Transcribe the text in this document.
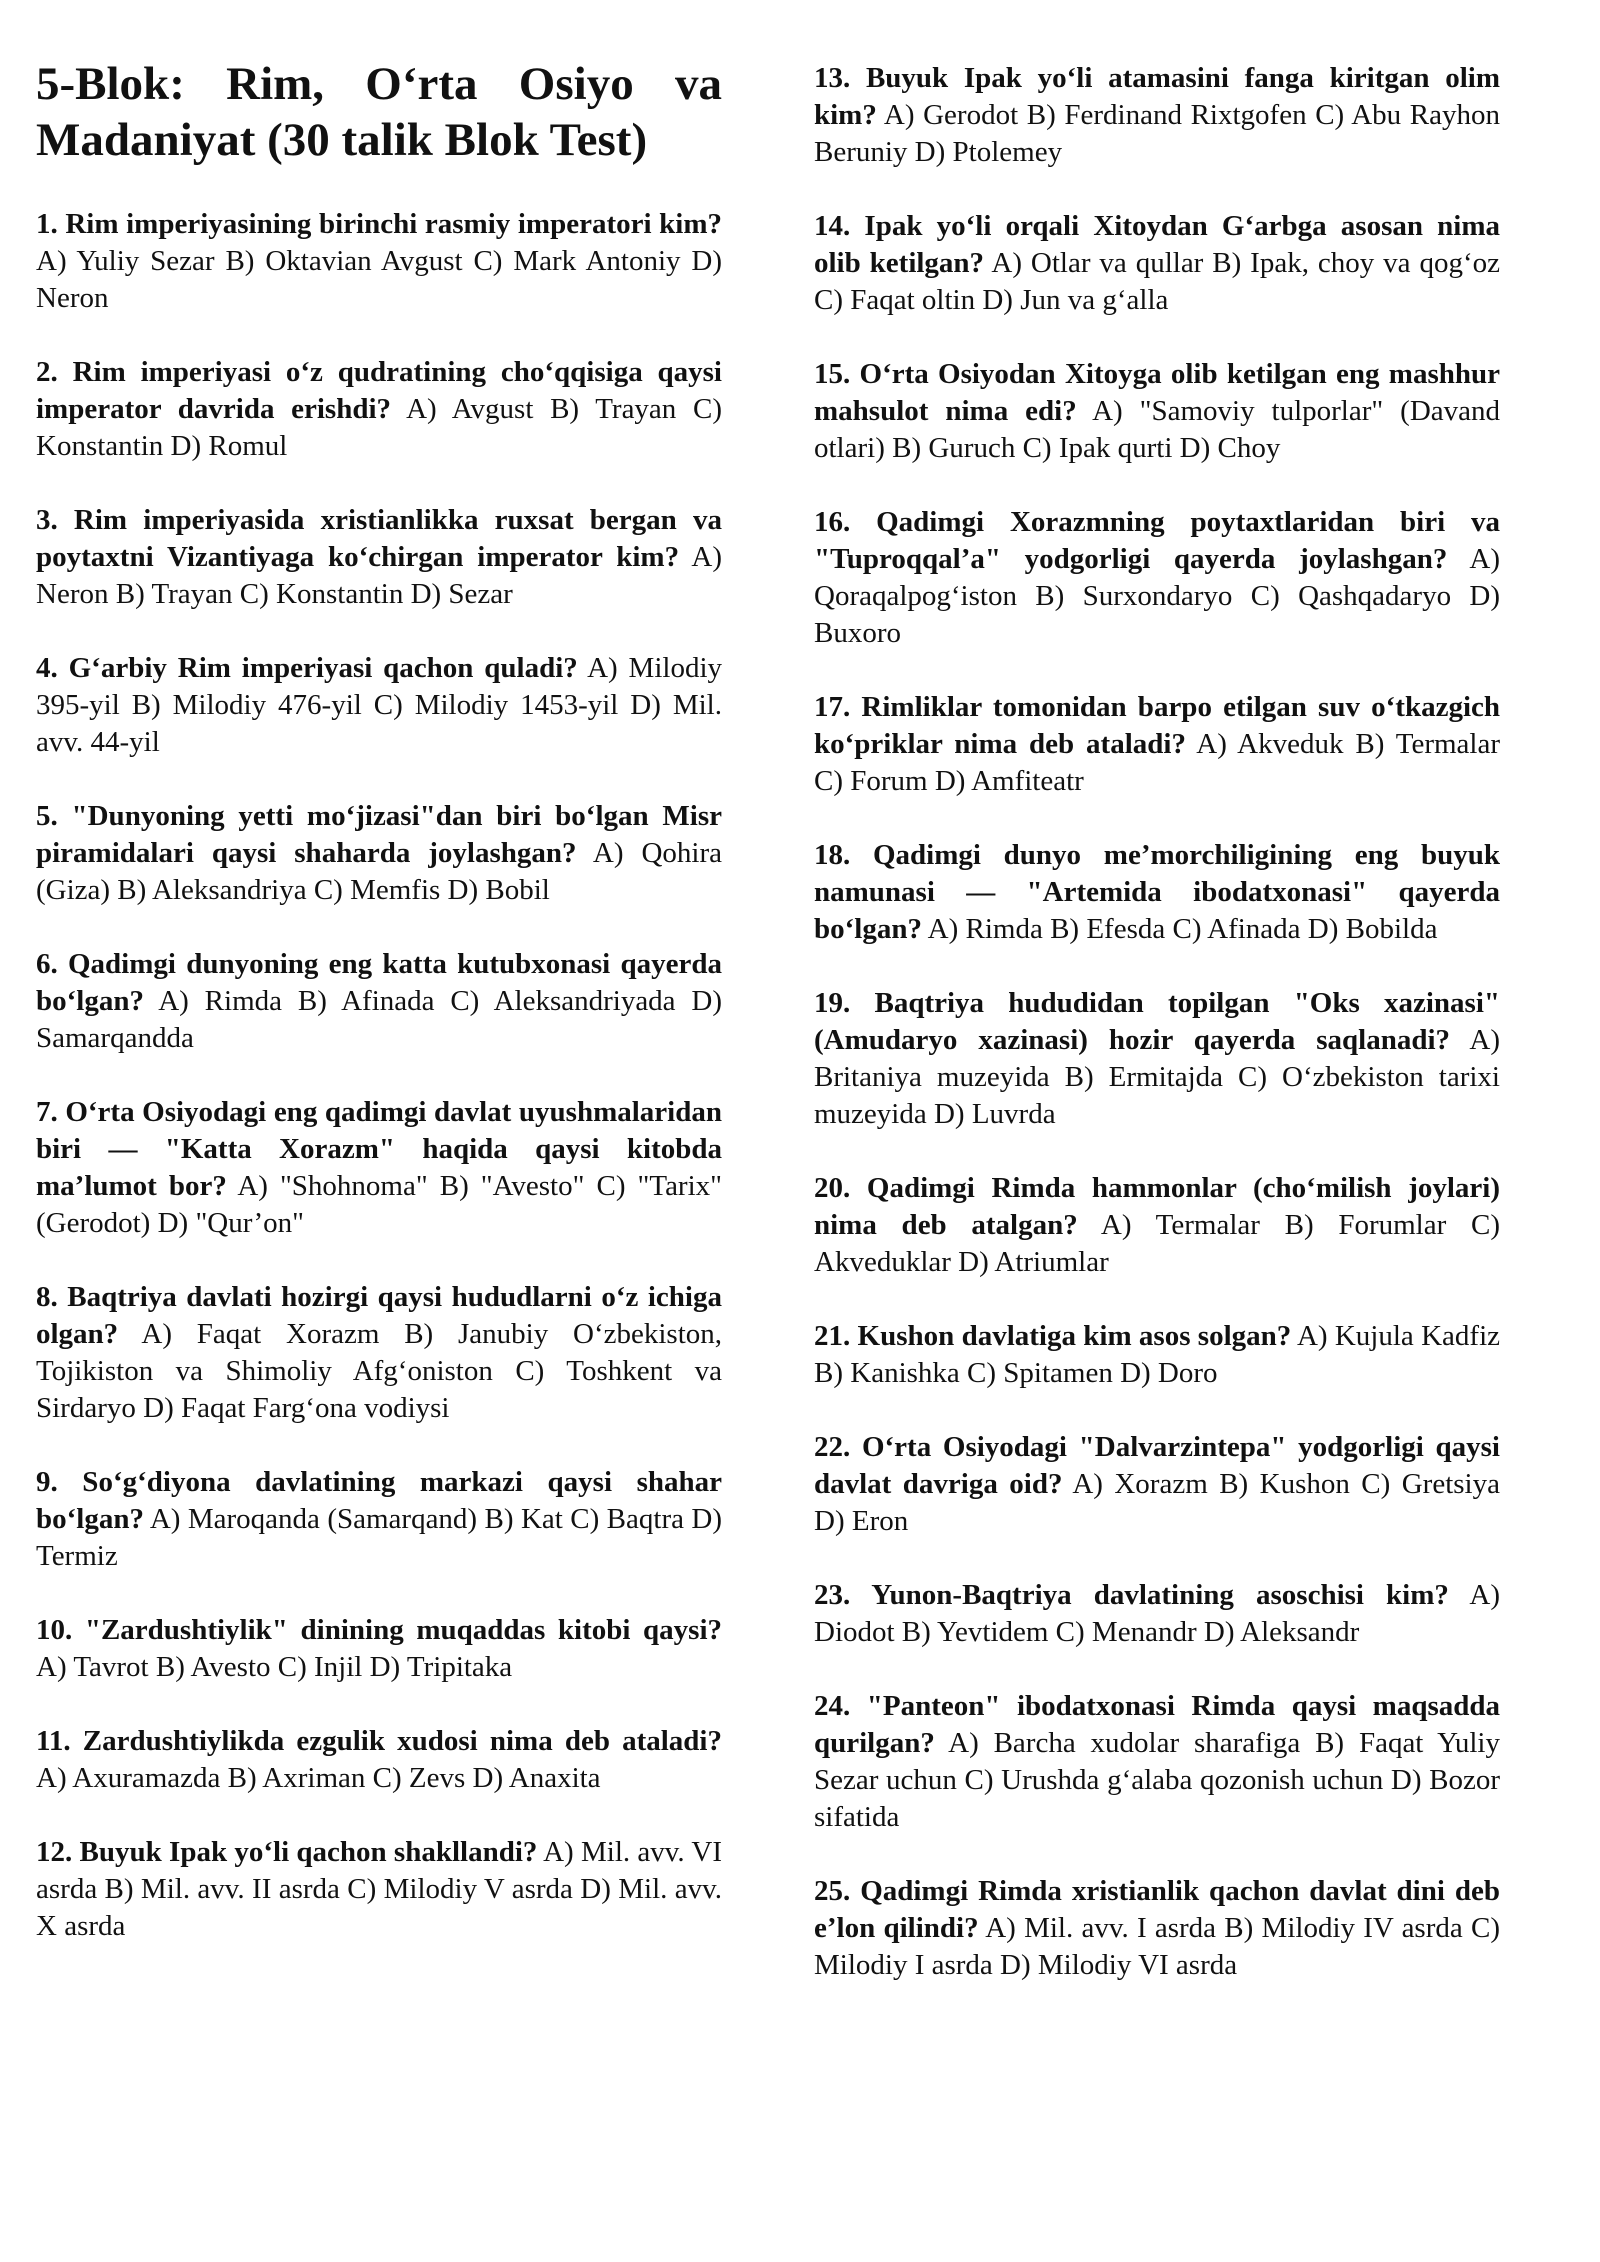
5-Blok: Rim, O‘rta Osiyo va Madaniyat (30 talik Blok Test)

1. Rim imperiyasining birinchi rasmiy imperatori kim? A) Yuliy Sezar B) Oktavian Avgust C) Mark Antoniy D) Neron

2. Rim imperiyasi o‘z qudratining cho‘qqisiga qaysi imperator davrida erishdi? A) Avgust B) Trayan C) Konstantin D) Romul

3. Rim imperiyasida xristianlikka ruxsat bergan va poytaxtni Vizantiyaga ko‘chirgan imperator kim? A) Neron B) Trayan C) Konstantin D) Sezar

4. G‘arbiy Rim imperiyasi qachon quladi? A) Milodiy 395-yil B) Milodiy 476-yil C) Milodiy 1453-yil D) Mil. avv. 44-yil

5. "Dunyoning yetti mo‘jizasi"dan biri bo‘lgan Misr piramidalari qaysi shaharda joylashgan? A) Qohira (Giza) B) Aleksandriya C) Memfis D) Bobil

6. Qadimgi dunyoning eng katta kutubxonasi qayerda bo‘lgan? A) Rimda B) Afinada C) Aleksandriyada D) Samarqandda

7. O‘rta Osiyodagi eng qadimgi davlat uyushmalaridan biri — "Katta Xorazm" haqida qaysi kitobda ma’lumot bor? A) "Shohnoma" B) "Avesto" C) "Tarix" (Gerodot) D) "Qur’on"

8. Baqtriya davlati hozirgi qaysi hududlarni o‘z ichiga olgan? A) Faqat Xorazm B) Janubiy O‘zbekiston, Tojikiston va Shimoliy Afg‘oniston C) Toshkent va Sirdaryo D) Faqat Farg‘ona vodiysi

9. So‘g‘diyona davlatining markazi qaysi shahar bo‘lgan? A) Maroqanda (Samarqand) B) Kat C) Baqtra D) Termiz

10. "Zardushtiylik" dinining muqaddas kitobi qaysi? A) Tavrot B) Avesto C) Injil D) Tripitaka

11. Zardushtiylikda ezgulik xudosi nima deb ataladi? A) Axuramazda B) Axriman C) Zevs D) Anaxita

12. Buyuk Ipak yo‘li qachon shakllandi? A) Mil. avv. VI asrda B) Mil. avv. II asrda C) Milodiy V asrda D) Mil. avv. X asrda

13. Buyuk Ipak yo‘li atamasini fanga kiritgan olim kim? A) Gerodot B) Ferdinand Rixtgofen C) Abu Rayhon Beruniy D) Ptolemey

14. Ipak yo‘li orqali Xitoydan G‘arbga asosan nima olib ketilgan? A) Otlar va qullar B) Ipak, choy va qog‘oz C) Faqat oltin D) Jun va g‘alla

15. O‘rta Osiyodan Xitoyga olib ketilgan eng mashhur mahsulot nima edi? A) "Samoviy tulporlar" (Davand otlari) B) Guruch C) Ipak qurti D) Choy

16. Qadimgi Xorazmning poytaxtlaridan biri va "Tuproqqal’a" yodgorligi qayerda joylashgan? A) Qoraqalpog‘iston B) Surxondaryo C) Qashqadaryo D) Buxoro

17. Rimliklar tomonidan barpo etilgan suv o‘tkazgich ko‘priklar nima deb ataladi? A) Akveduk B) Termalar C) Forum D) Amfiteatr

18. Qadimgi dunyo me’morchiligining eng buyuk namunasi — "Artemida ibodatxonasi" qayerda bo‘lgan? A) Rimda B) Efesda C) Afinada D) Bobilda

19. Baqtriya hududidan topilgan "Oks xazinasi" (Amudaryo xazinasi) hozir qayerda saqlanadi? A) Britaniya muzeyida B) Ermitajda C) O‘zbekiston tarixi muzeyida D) Luvrda

20. Qadimgi Rimda hammonlar (cho‘milish joylari) nima deb atalgan? A) Termalar B) Forumlar C) Akveduklar D) Atriumlar

21. Kushon davlatiga kim asos solgan? A) Kujula Kadfiz B) Kanishka C) Spitamen D) Doro

22. O‘rta Osiyodagi "Dalvarzintepa" yodgorligi qaysi davlat davriga oid? A) Xorazm B) Kushon C) Gretsiya D) Eron

23. Yunon-Baqtriya davlatining asoschisi kim? A) Diodot B) Yevtidem C) Menandr D) Aleksandr

24. "Panteon" ibodatxonasi Rimda qaysi maqsadda qurilgan? A) Barcha xudolar sharafiga B) Faqat Yuliy Sezar uchun C) Urushda g‘alaba qozonish uchun D) Bozor sifatida

25. Qadimgi Rimda xristianlik qachon davlat dini deb e’lon qilindi? A) Mil. avv. I asrda B) Milodiy IV asrda C) Milodiy I asrda D) Milodiy VI asrda
